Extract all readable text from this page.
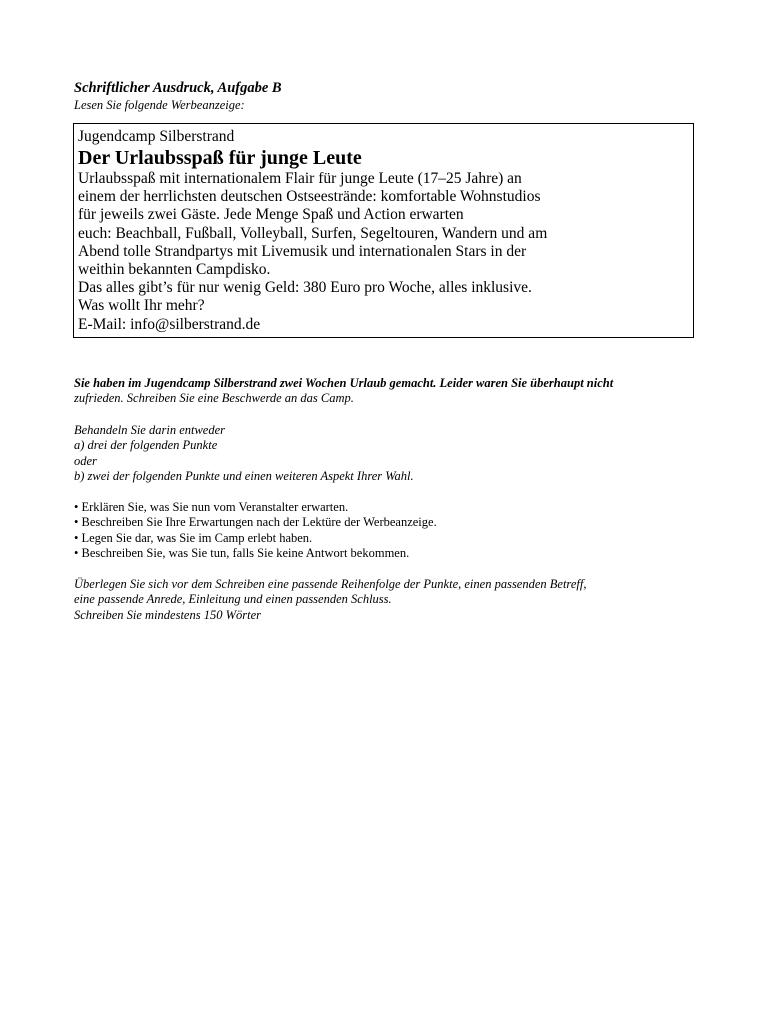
Schriftlicher Ausdruck, Aufgabe B
Lesen Sie folgende Werbeanzeige:
Jugendcamp Silberstrand
Der Urlaubsspaß für junge Leute
Urlaubsspaß mit internationalem Flair für junge Leute (17–25 Jahre) an
einem der herrlichsten deutschen Ostseestrände: komfortable Wohnstudios
für jeweils zwei Gäste. Jede Menge Spaß und Action erwarten
euch: Beachball, Fußball, Volleyball, Surfen, Segeltouren, Wandern und am
Abend tolle Strandpartys mit Livemusik und internationalen Stars in der
weithin bekannten Campdisko.
Das alles gibt’s für nur wenig Geld: 380 Euro pro Woche, alles inklusive.
Was wollt Ihr mehr?
E-Mail: info@silberstrand.de
Sie haben im Jugendcamp Silberstrand zwei Wochen Urlaub gemacht. Leider waren Sie überhaupt nicht
zufrieden. Schreiben Sie eine Beschwerde an das Camp.
Behandeln Sie darin entweder
a) drei der folgenden Punkte
oder
b) zwei der folgenden Punkte und einen weiteren Aspekt Ihrer Wahl.
• Erklären Sie, was Sie nun vom Veranstalter erwarten.
• Beschreiben Sie Ihre Erwartungen nach der Lektüre der Werbeanzeige.
• Legen Sie dar, was Sie im Camp erlebt haben.
• Beschreiben Sie, was Sie tun, falls Sie keine Antwort bekommen.
Überlegen Sie sich vor dem Schreiben eine passende Reihenfolge der Punkte, einen passenden Betreff,
eine passende Anrede, Einleitung und einen passenden Schluss.
Schreiben Sie mindestens 150 Wörter
